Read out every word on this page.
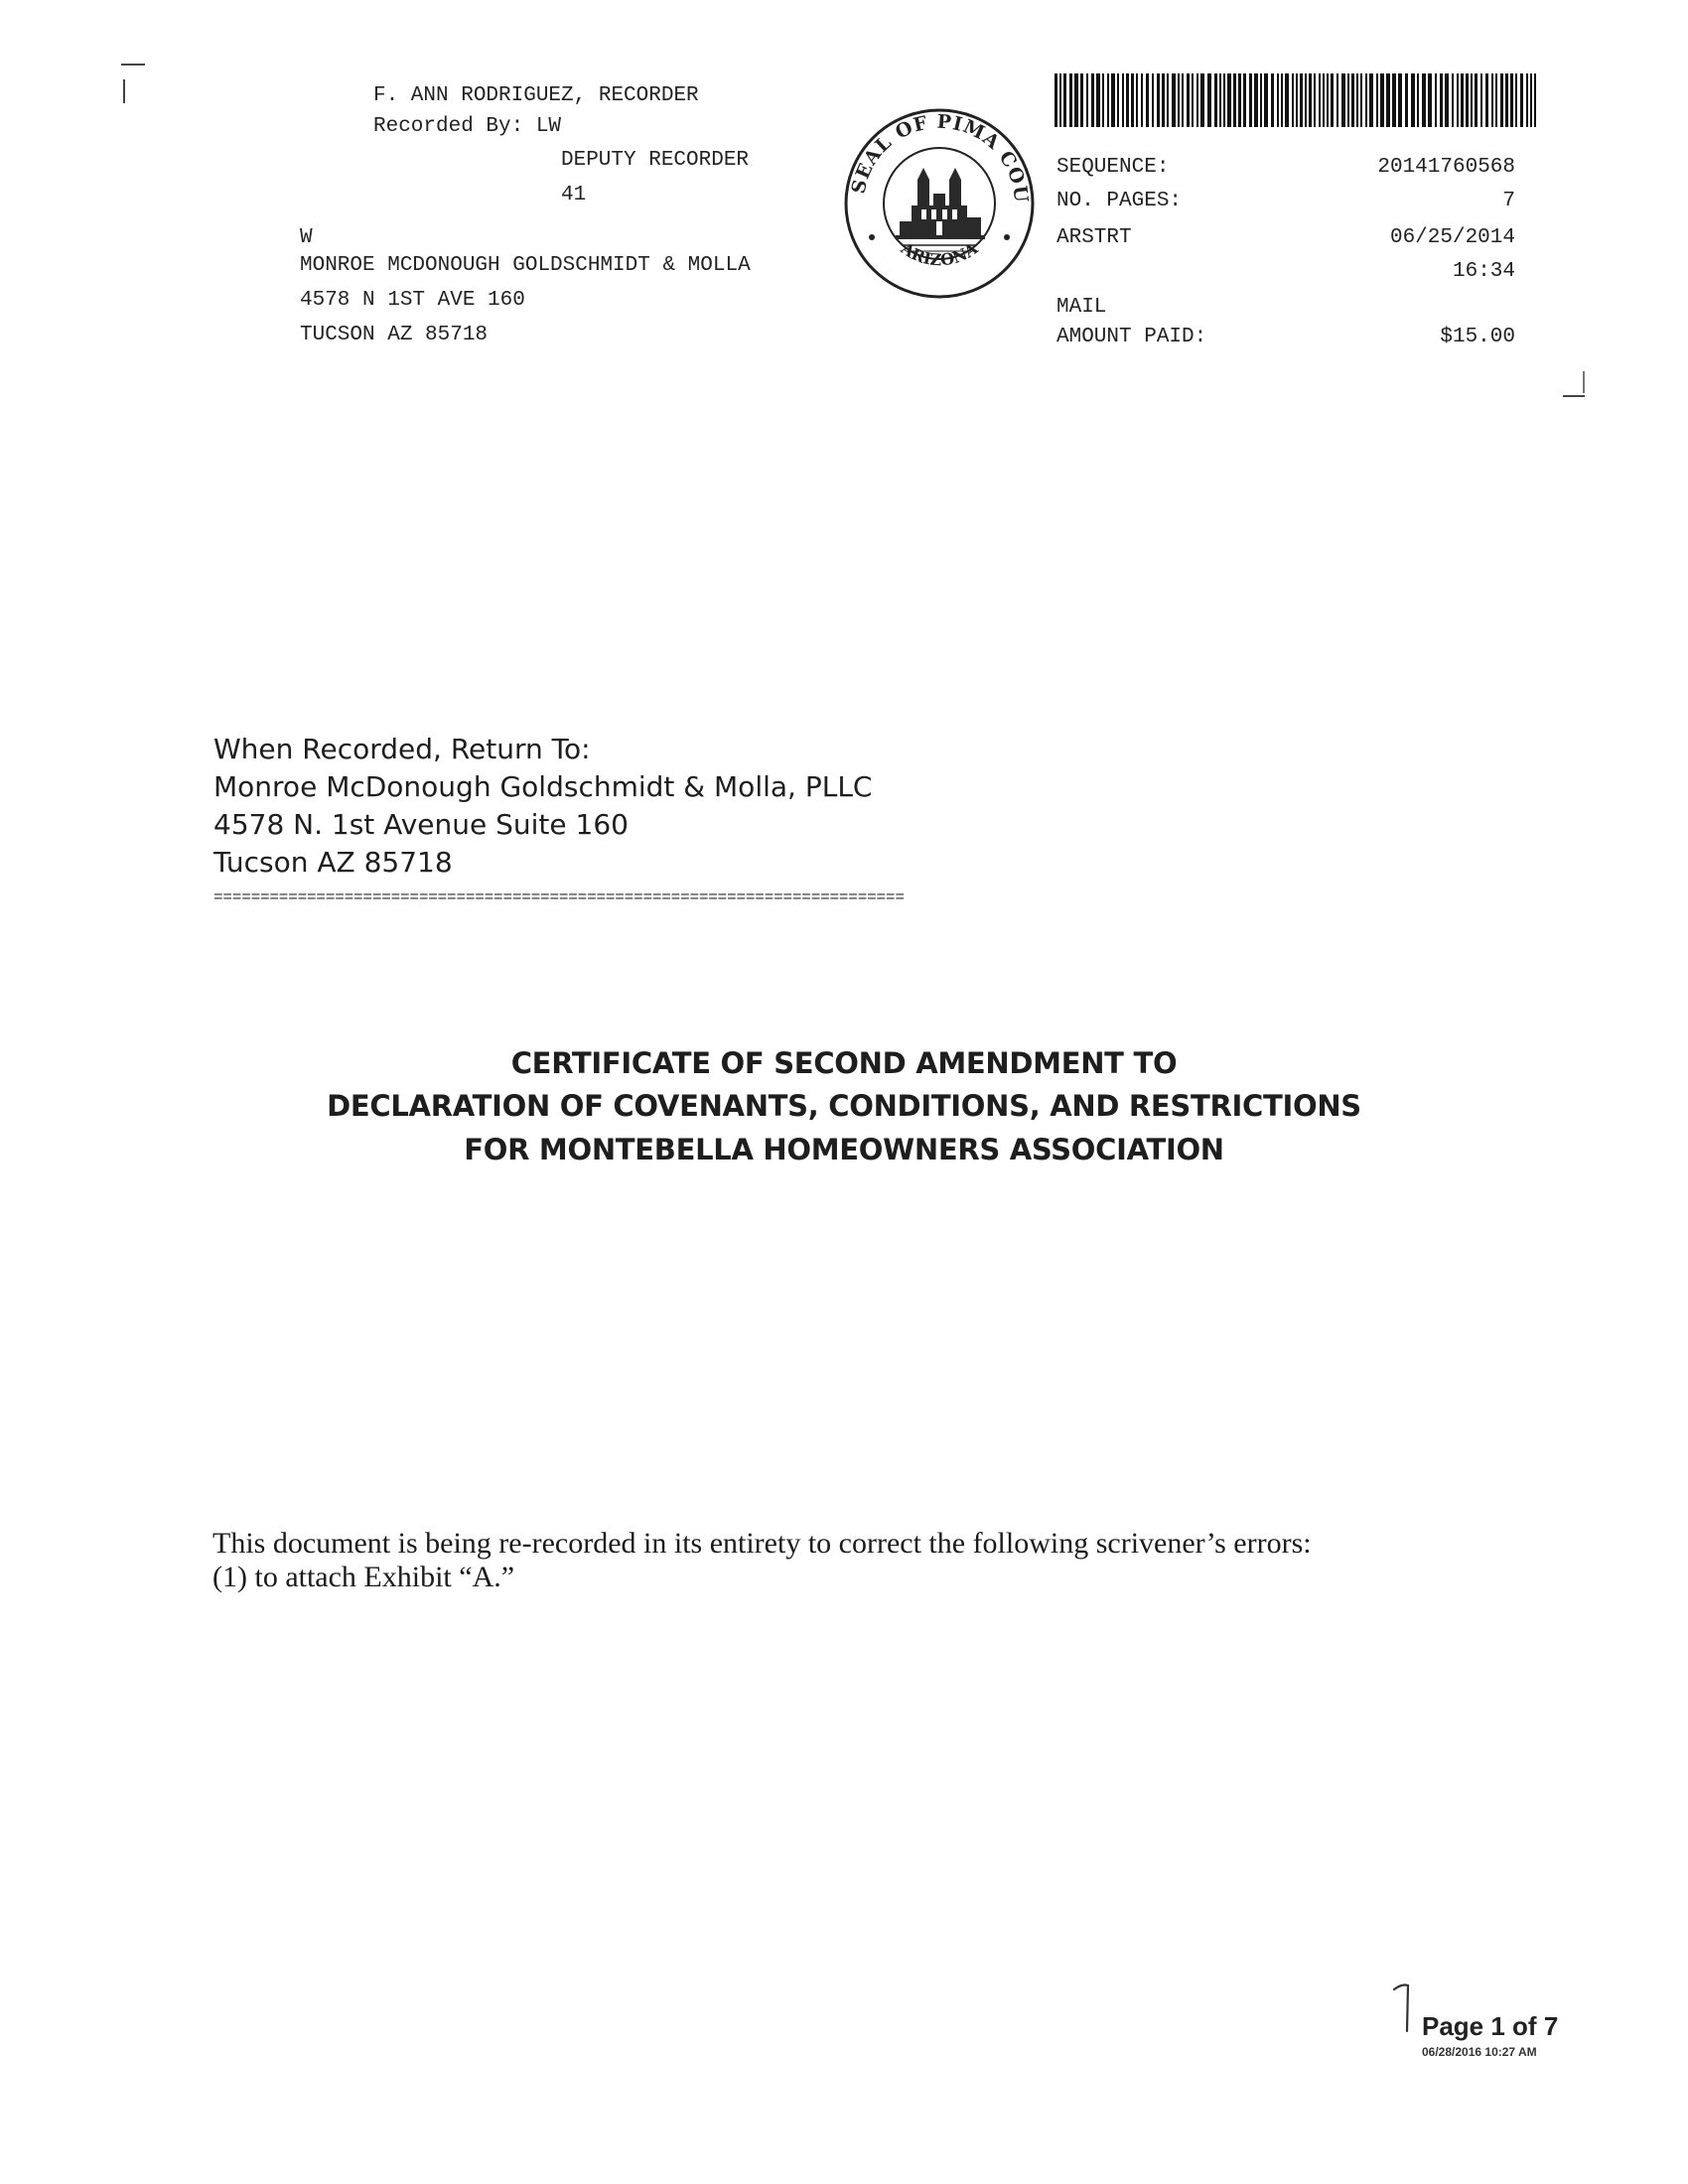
F. ANN RODRIGUEZ, RECORDER
Recorded By: LW
DEPUTY RECORDER
41
W
MONROE MCDONOUGH GOLDSCHMIDT & MOLLA
4578 N 1ST AVE 160
TUCSON AZ 85718
SEAL OF PIMA COU
ARIZONA
SEQUENCE:	20141760568
NO. PAGES:	7
ARSTRT	06/25/2014
16:34
MAIL
AMOUNT PAID:	$15.00
When Recorded, Return To:
Monroe McDonough Goldschmidt & Molla, PLLC
4578 N. 1st Avenue Suite 160
Tucson AZ 85718
==========================================================================
CERTIFICATE OF SECOND AMENDMENT TO
DECLARATION OF COVENANTS, CONDITIONS, AND RESTRICTIONS
FOR MONTEBELLA HOMEOWNERS ASSOCIATION
This document is being re-recorded in its entirety to correct the following scrivener’s errors:
(1) to attach Exhibit “A.”
Page 1 of 7
06/28/2016 10:27 AM
